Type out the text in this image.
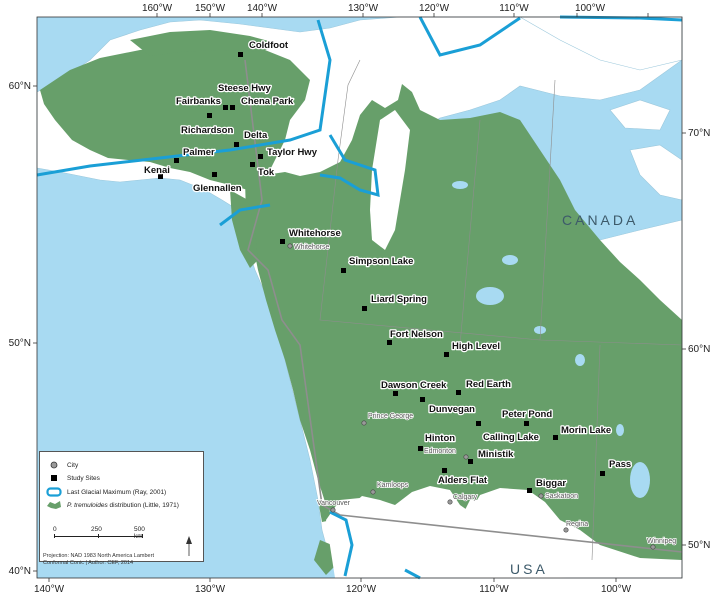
160°W 150°W 140°W	130°W	120°W	110°W	100°W
140°W	130°W	120°W	110°W	100°W
60°N
50°N
40°N
70°N
60°N
50°N
CANADA
USA
Whitehorse
Prince George
Edmonton
Kamloops
Calgary	Saskatoon
Vancouver
Regina
Winnipeg
Coldfoot
Steese Hwy
Fairbanks Chena Park
Richardson Delta
Taylor Hwy
Palmer
Tok
Kenai
Glennallen
Whitehorse
Simpson Lake
Liard Spring
Fort Nelson
High Level
Dawson Creek Red Earth
Dunvegan	Peter Pond
Calling Lake
Morin Lake
Hinton
Ministik
Alders Flat	Biggar
Pass
City
Study Sites
Last Glacial Maximum (Ray, 2001)
P. tremuloides distribution (Little, 1971)
0	250	500 km
Projection: NAD 1983 North America Lambert
Conformal Conic | Author: CEF, 2014
